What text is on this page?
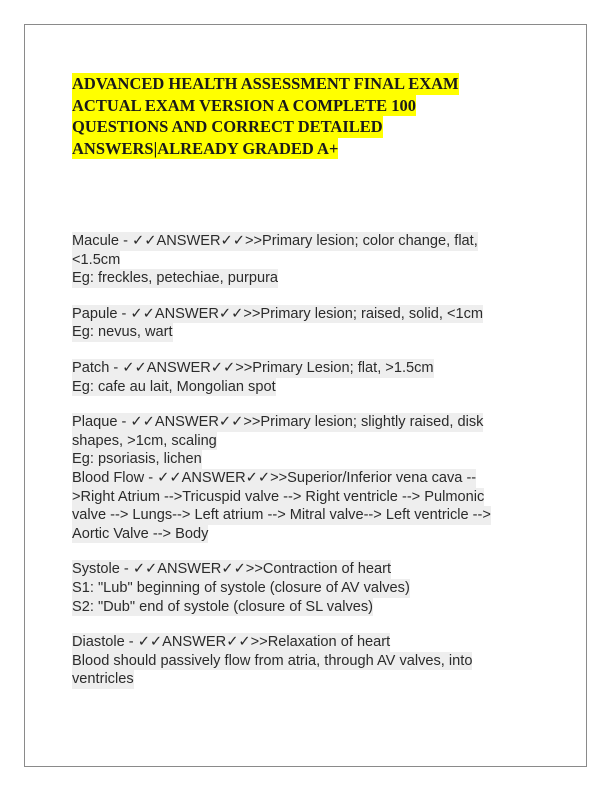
ADVANCED HEALTH ASSESSMENT FINAL EXAM
ACTUAL EXAM VERSION A COMPLETE 100
QUESTIONS AND CORRECT DETAILED
ANSWERS|ALREADY GRADED A+
Macule - ✓✓ANSWER✓✓>>Primary lesion; color change, flat,
<1.5cm
Eg: freckles, petechiae, purpura
Papule - ✓✓ANSWER✓✓>>Primary lesion; raised, solid, <1cm
Eg: nevus, wart
Patch - ✓✓ANSWER✓✓>>Primary Lesion; flat, >1.5cm
Eg: cafe au lait, Mongolian spot
Plaque - ✓✓ANSWER✓✓>>Primary lesion; slightly raised, disk
shapes, >1cm, scaling
Eg: psoriasis, lichen
Blood Flow - ✓✓ANSWER✓✓>>Superior/Inferior vena cava --
>Right Atrium -->Tricuspid valve --> Right ventricle --> Pulmonic
valve --> Lungs--> Left atrium --> Mitral valve--> Left ventricle -->
Aortic Valve --> Body
Systole - ✓✓ANSWER✓✓>>Contraction of heart
S1: "Lub" beginning of systole (closure of AV valves)
S2: "Dub" end of systole (closure of SL valves)
Diastole - ✓✓ANSWER✓✓>>Relaxation of heart
Blood should passively flow from atria, through AV valves, into
ventricles
